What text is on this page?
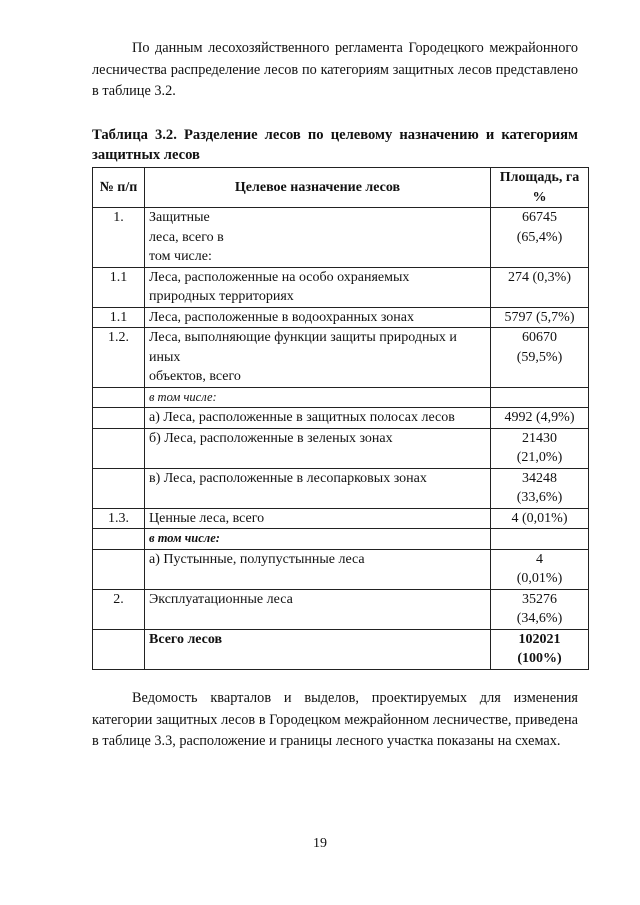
По данным лесохозяйственного регламента Городецкого межрайонного лесничества распределение лесов по категориям защитных лесов представлено в таблице 3.2.

Таблица 3.2. Разделение лесов по целевому назначению и категориям защитных лесов

№ п/п	Целевое назначение лесов	Площадь, га
%

1.	Защитные
леса, всего в
том числе:	66745
(65,4%)

1.1	Леса, расположенные на особо охраняемых
природных территориях	274 (0,3%)

1.1	Леса, расположенные в водоохранных зонах	5797 (5,7%)

1.2.	Леса, выполняющие функции защиты природных и
иных
объектов, всего	60670
(59,5%)

	в том числе:	

	а) Леса, расположенные в защитных полосах лесов	4992 (4,9%)

	б) Леса, расположенные в зеленых зонах	21430
(21,0%)

	в) Леса, расположенные в лесопарковых зонах	34248
(33,6%)

1.3.	Ценные леса, всего	4 (0,01%)

	в том числе:	

	а) Пустынные, полупустынные леса	4
(0,01%)

2.	Эксплуатационные леса	35276
(34,6%)

	Всего лесов	102021
(100%)

Ведомость кварталов и выделов, проектируемых для изменения категории защитных лесов в Городецком межрайонном лесничестве, приведена в таблице 3.3, расположение и границы лесного участка показаны на схемах.

19
